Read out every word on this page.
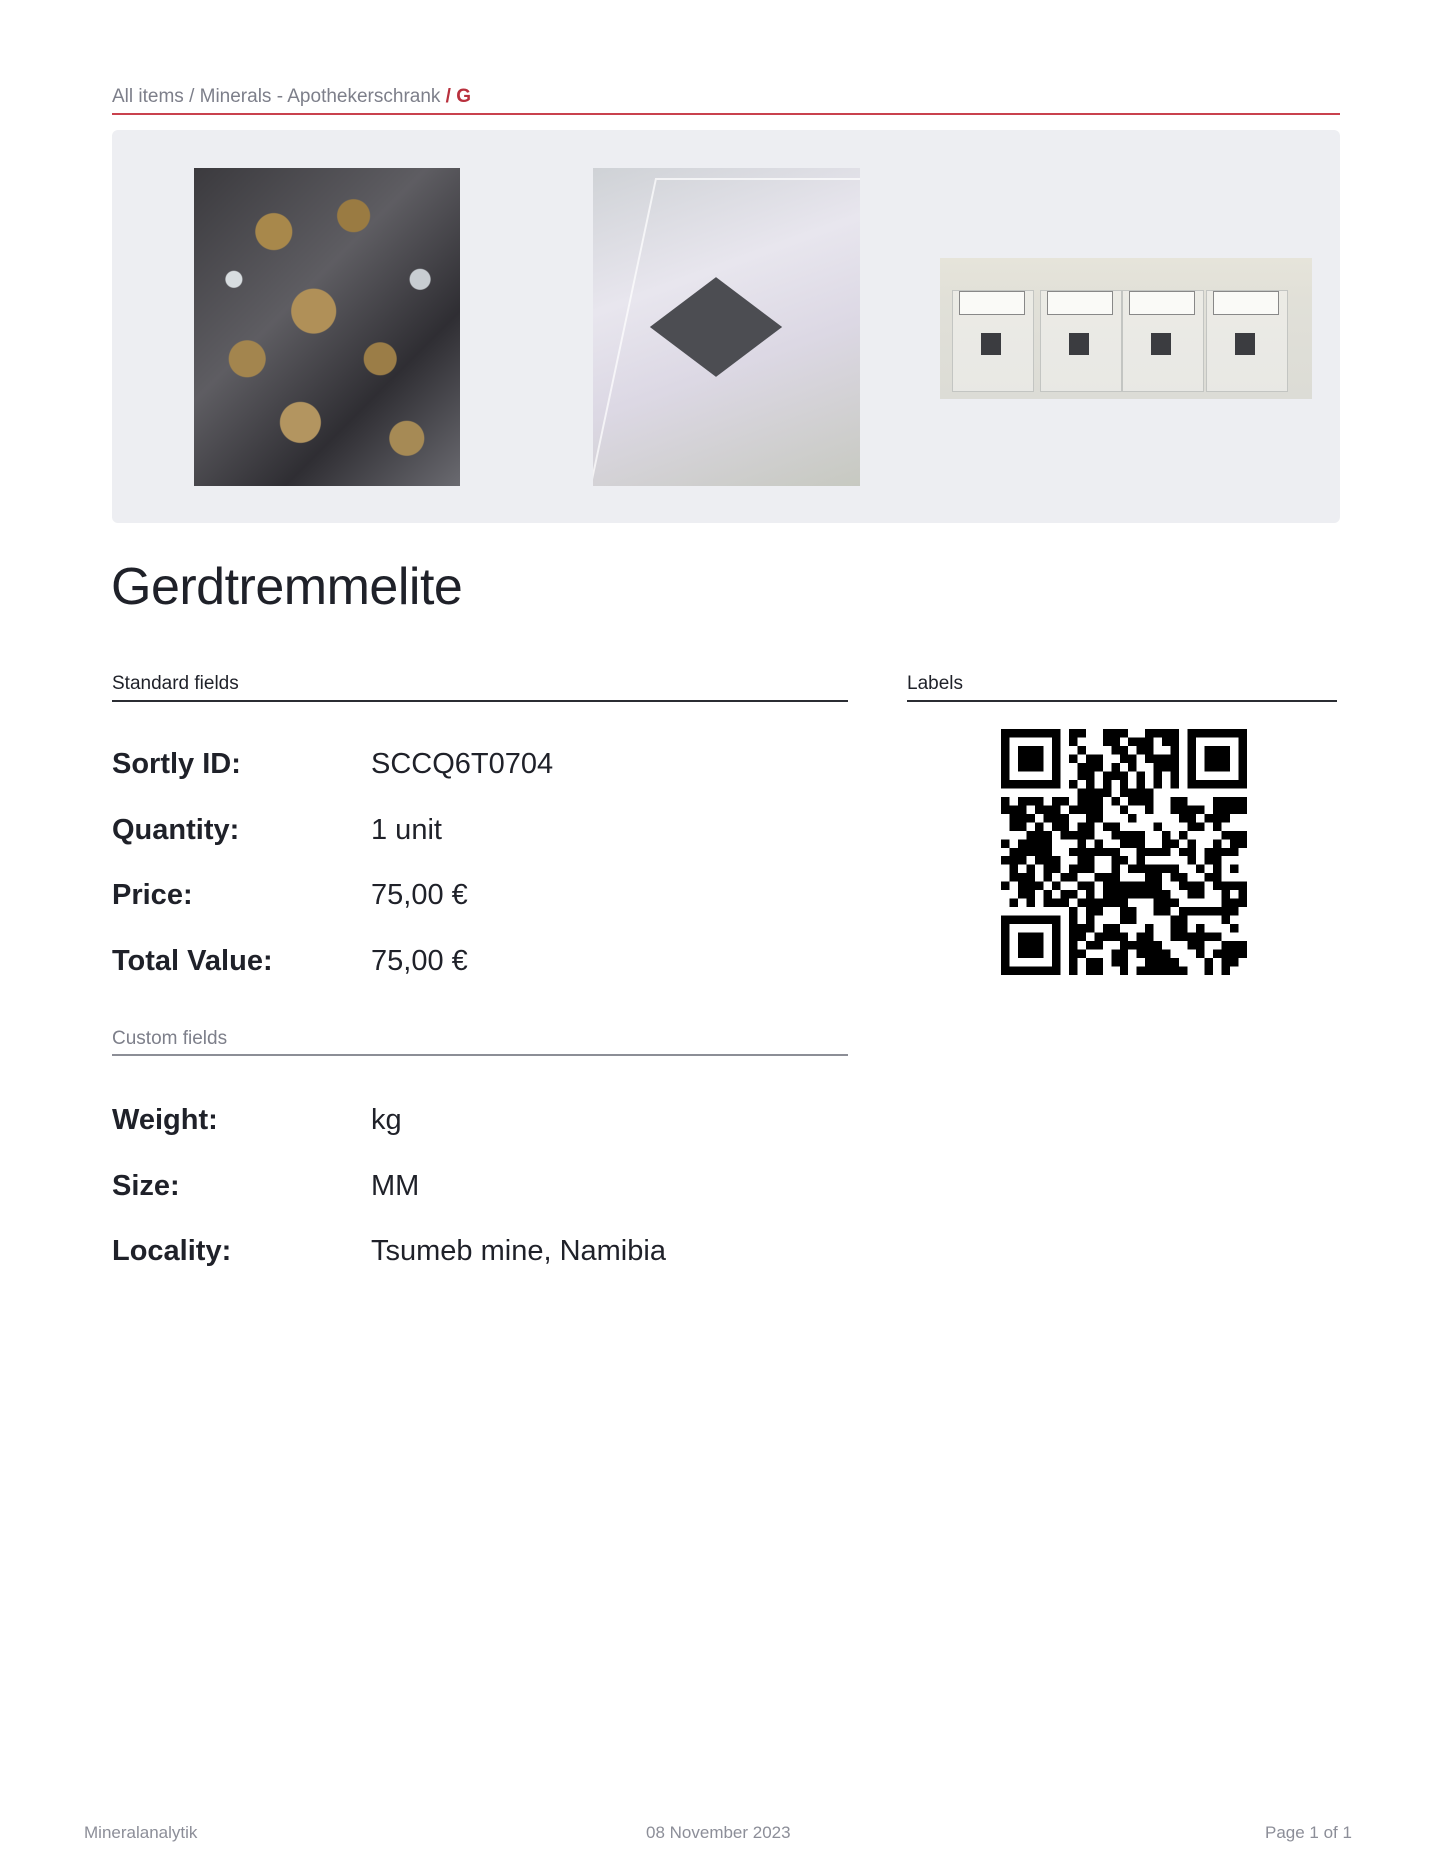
All items / Minerals - Apothekerschrank / G
Gerdtremmelite
Standard fields
Sortly ID:	SCCQ6T0704
Quantity:	1 unit
Price:	75,00 €
Total Value:	75,00 €
Custom fields
Weight:	kg
Size:	MM
Locality:	Tsumeb mine, Namibia
Labels
Mineralanalytik	08 November 2023	Page 1 of 1
